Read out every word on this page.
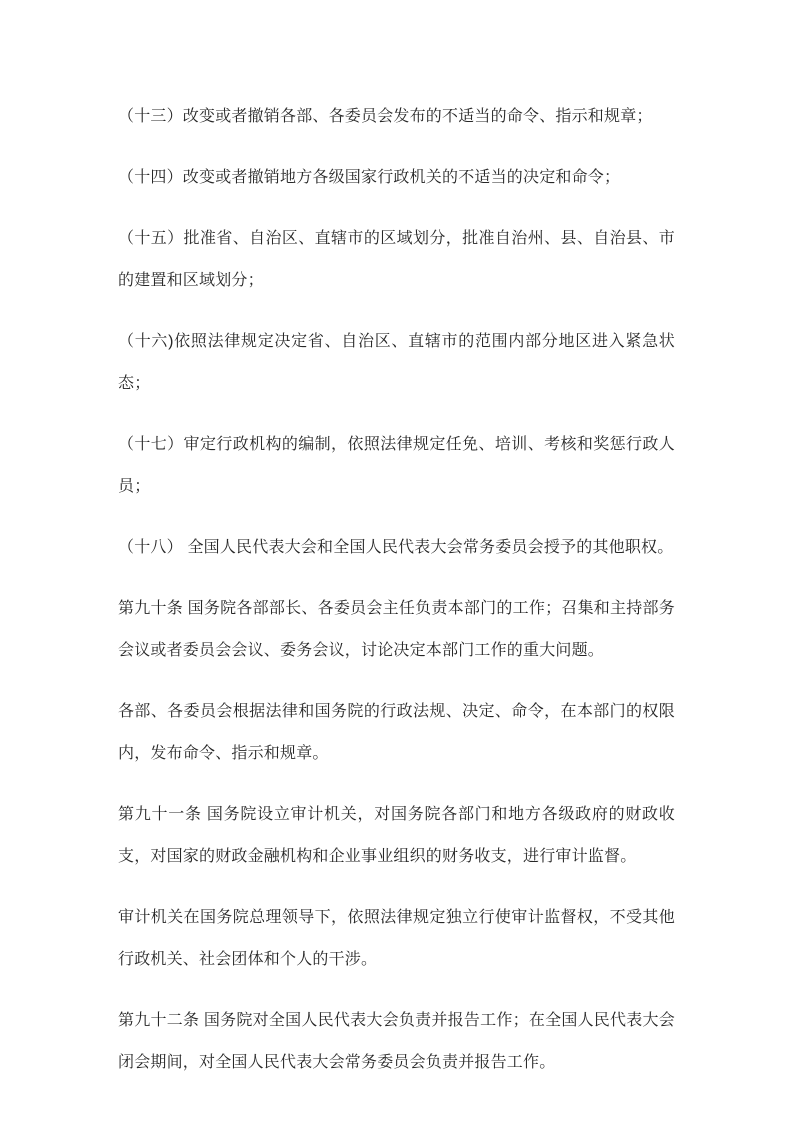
（十三）改变或者撤销各部、各委员会发布的不适当的命令、指示和规章；

（十四）改变或者撤销地方各级国家行政机关的不适当的决定和命令；

（十五）批准省、自治区、直辖市的区域划分，批准自治州、县、自治县、市的建置和区域划分；

（十六)依照法律规定决定省、自治区、直辖市的范围内部分地区进入紧急状态；

（十七）审定行政机构的编制，依照法律规定任免、培训、考核和奖惩行政人员；

（十八） 全国人民代表大会和全国人民代表大会常务委员会授予的其他职权。

第九十条 国务院各部部长、各委员会主任负责本部门的工作；召集和主持部务会议或者委员会会议、委务会议，讨论决定本部门工作的重大问题。

各部、各委员会根据法律和国务院的行政法规、决定、命令，在本部门的权限内，发布命令、指示和规章。

第九十一条 国务院设立审计机关，对国务院各部门和地方各级政府的财政收支，对国家的财政金融机构和企业事业组织的财务收支，进行审计监督。

审计机关在国务院总理领导下，依照法律规定独立行使审计监督权，不受其他行政机关、社会团体和个人的干涉。

第九十二条 国务院对全国人民代表大会负责并报告工作；在全国人民代表大会闭会期间，对全国人民代表大会常务委员会负责并报告工作。
